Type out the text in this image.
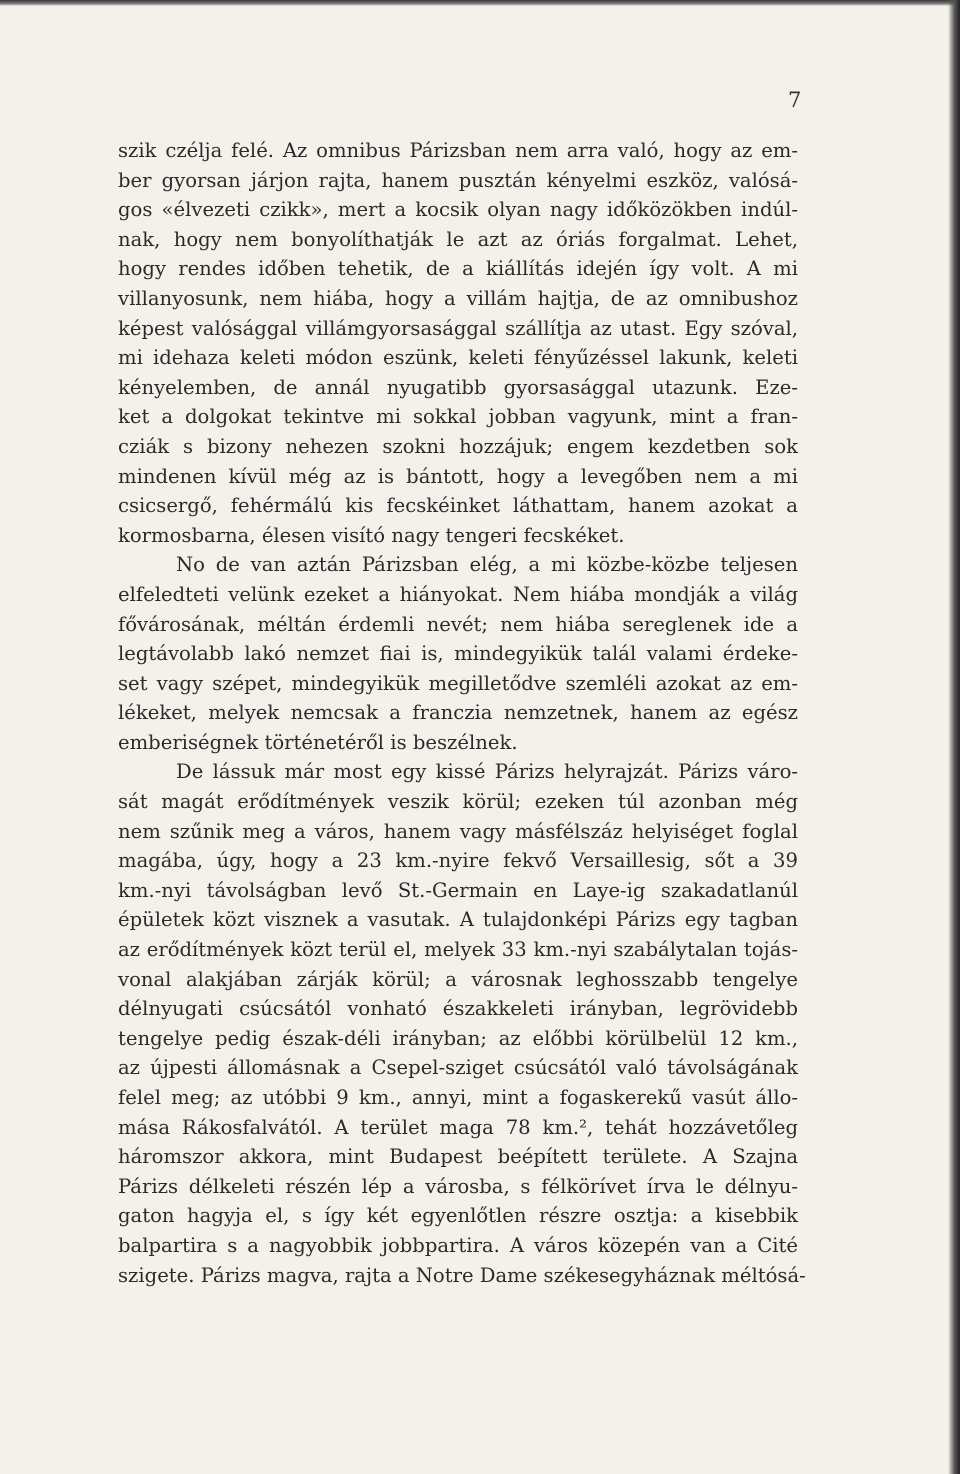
7
szik czélja felé. Az omnibus Párizsban nem arra való, hogy az em-
ber gyorsan járjon rajta, hanem pusztán kényelmi eszköz, valósá-
gos «élvezeti czikk», mert a kocsik olyan nagy időközökben indúl-
nak, hogy nem bonyolíthatják le azt az óriás forgalmat. Lehet,
hogy rendes időben tehetik, de a kiállítás idején így volt. A mi
villanyosunk, nem hiába, hogy a villám hajtja, de az omnibushoz
képest valósággal villámgyorsasággal szállítja az utast. Egy szóval,
mi idehaza keleti módon eszünk, keleti fényűzéssel lakunk, keleti
kényelemben, de annál nyugatibb gyorsasággal utazunk. Eze-
ket a dolgokat tekintve mi sokkal jobban vagyunk, mint a fran-
cziák s bizony nehezen szokni hozzájuk; engem kezdetben sok
mindenen kívül még az is bántott, hogy a levegőben nem a mi
csicsergő, fehérmálú kis fecskéinket láthattam, hanem azokat a
kormosbarna, élesen visító nagy tengeri fecskéket.
No de van aztán Párizsban elég, a mi közbe-közbe teljesen
elfeledteti velünk ezeket a hiányokat. Nem hiába mondják a világ
fővárosának, méltán érdemli nevét; nem hiába sereglenek ide a
legtávolabb lakó nemzet fiai is, mindegyikük talál valami érdeke-
set vagy szépet, mindegyikük megilletődve szemléli azokat az em-
lékeket, melyek nemcsak a franczia nemzetnek, hanem az egész
emberiségnek történetéről is beszélnek.
De lássuk már most egy kissé Párizs helyrajzát. Párizs váro-
sát magát erődítmények veszik körül; ezeken túl azonban még
nem szűnik meg a város, hanem vagy másfélszáz helyiséget foglal
magába, úgy, hogy a 23 km.-nyire fekvő Versaillesig, sőt a 39
km.-nyi távolságban levő St.-Germain en Laye-ig szakadatlanúl
épületek közt visznek a vasutak. A tulajdonképi Párizs egy tagban
az erődítmények közt terül el, melyek 33 km.-nyi szabálytalan tojás-
vonal alakjában zárják körül; a városnak leghosszabb tengelye
délnyugati csúcsától vonható északkeleti irányban, legrövidebb
tengelye pedig észak-déli irányban; az előbbi körülbelül 12 km.,
az újpesti állomásnak a Csepel-sziget csúcsától való távolságának
felel meg; az utóbbi 9 km., annyi, mint a fogaskerekű vasút állo-
mása Rákosfalvától. A terület maga 78 km.², tehát hozzávetőleg
háromszor akkora, mint Budapest beépített területe. A Szajna
Párizs délkeleti részén lép a városba, s félkörívet írva le délnyu-
gaton hagyja el, s így két egyenlőtlen részre osztja: a kisebbik
balpartira s a nagyobbik jobbpartira. A város közepén van a Cité
szigete. Párizs magva, rajta a Notre Dame székesegyháznak méltósá-
